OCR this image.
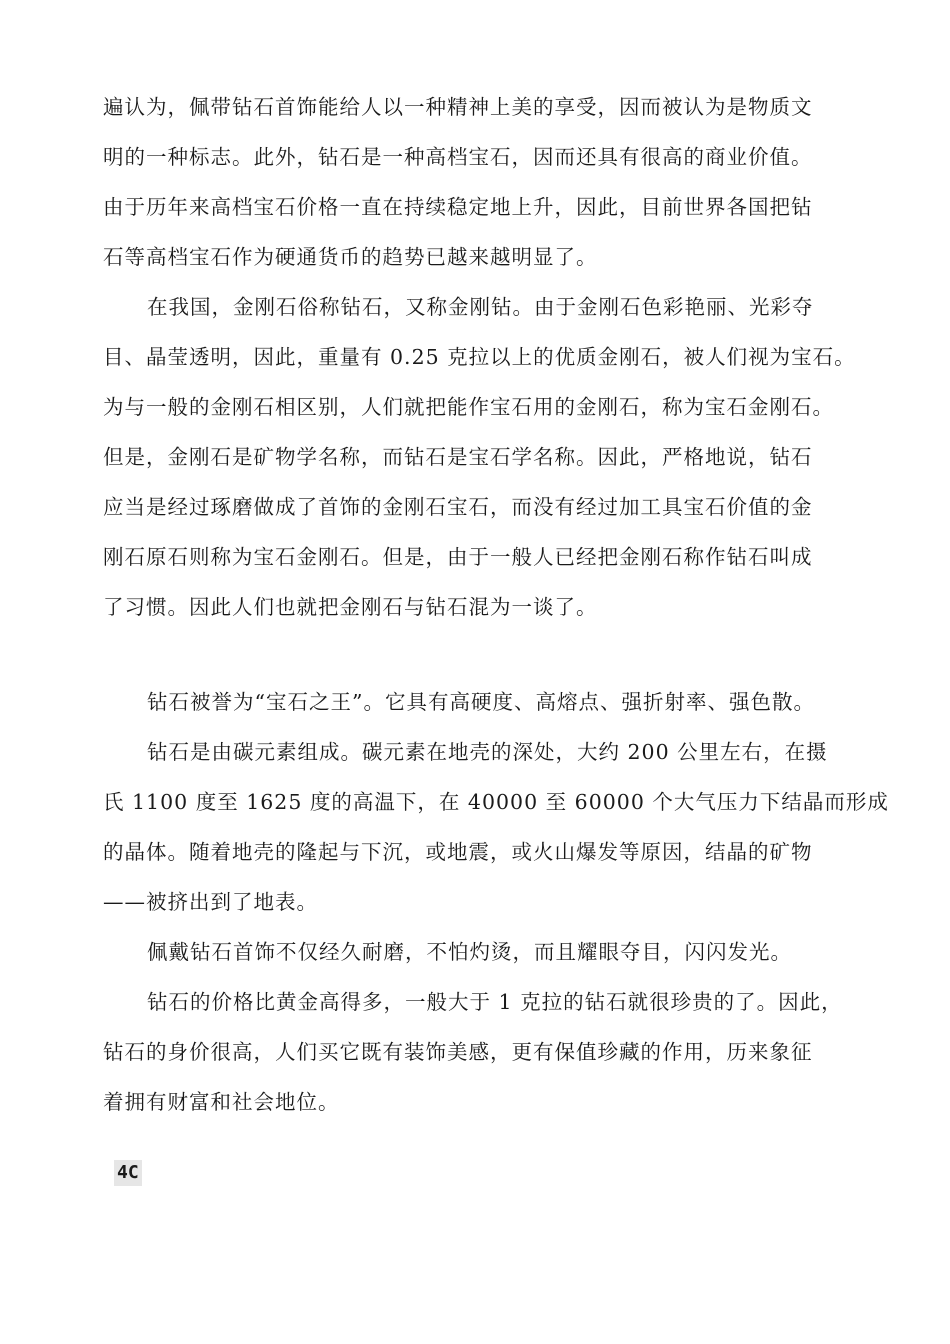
遍认为，佩带钻石首饰能给人以一种精神上美的享受，因而被认为是物质文
明的一种标志。此外，钻石是一种高档宝石，因而还具有很高的商业价值。
由于历年来高档宝石价格一直在持续稳定地上升，因此，目前世界各国把钻
石等高档宝石作为硬通货币的趋势已越来越明显了。
在我国，金刚石俗称钻石，又称金刚钻。由于金刚石色彩艳丽、光彩夺
目、晶莹透明，因此，重量有 0.25 克拉以上的优质金刚石，被人们视为宝石。
为与一般的金刚石相区别，人们就把能作宝石用的金刚石，称为宝石金刚石。
但是，金刚石是矿物学名称，而钻石是宝石学名称。因此，严格地说，钻石
应当是经过琢磨做成了首饰的金刚石宝石，而没有经过加工具宝石价值的金
刚石原石则称为宝石金刚石。但是，由于一般人已经把金刚石称作钻石叫成
了习惯。因此人们也就把金刚石与钻石混为一谈了。
钻石被誉为“宝石之王”。它具有高硬度、高熔点、强折射率、强色散。
钻石是由碳元素组成。碳元素在地壳的深处，大约 200 公里左右，在摄
氏 1100 度至 1625 度的高温下，在 40000 至 60000 个大气压力下结晶而形成
的晶体。随着地壳的隆起与下沉，或地震，或火山爆发等原因，结晶的矿物
——被挤出到了地表。
佩戴钻石首饰不仅经久耐磨，不怕灼烫，而且耀眼夺目，闪闪发光。
钻石的价格比黄金高得多，一般大于 1 克拉的钻石就很珍贵的了。因此，
钻石的身价很高，人们买它既有装饰美感，更有保值珍藏的作用，历来象征
着拥有财富和社会地位。
4C
